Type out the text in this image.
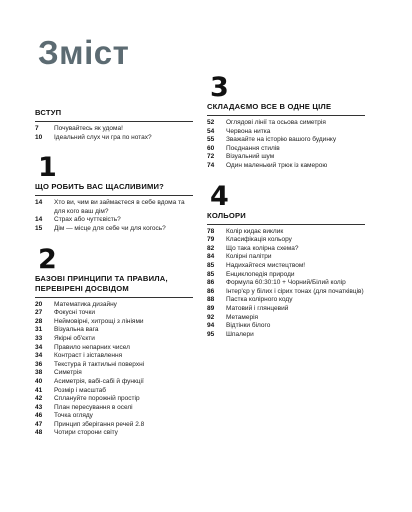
Зміст
ВСТУП
7	Почувайтесь як удома!
10	Ідеальний слух чи гра по нотах?
1
ЩО РОБИТЬ ВАС ЩАСЛИВИМИ?
14	Хто ви, чим ви займаєтеся в себе вдома та для кого ваш дім?
14	Страх або чуттєвість?
15	Дім — місце для себе чи для когось?
2
БАЗОВІ ПРИНЦИПИ ТА ПРАВИЛА, ПЕРЕВІРЕНІ ДОСВІДОМ
20	Математика дизайну
27	Фокусні точки
28	Неймовірні, хитрощі з лініями
31	Візуальна вага
33	Якірні об'єкти
34	Правило непарних чисел
34	Контраст і зіставлення
36	Текстура й тактильні поверхні
38	Симетрія
40	Асиметрія, вабі-сабі й функції
41	Розмір і масштаб
42	Сплануйте порожній простір
43	План пересування в оселі
46	Точка огляду
47	Принцип зберігання речей 2.8
48	Чотири сторони світу
3
СКЛАДАЄМО ВСЕ В ОДНЕ ЦІЛЕ
52	Оглядові лінії та осьова симетрія
54	Червона нитка
55	Зважайте на історію вашого будинку
60	Поєднання стилів
72	Візуальний шум
74	Один маленький трюк із камерою
4
КОЛЬОРИ
78	Колір кидає виклик
79	Класифікація кольору
82	Що така колірна схема?
84	Колірні палітри
85	Надихайтеся мистецтвом!
85	Енциклопедія природи
86	Формула 60:30:10 + Чорний/Білий колір
86	Інтер'єр у білих і сірих тонах (для початківців)
88	Пастка колірного коду
89	Матовий і глянцевий
92	Метамерія
94	Відтінки білого
95	Шпалери
